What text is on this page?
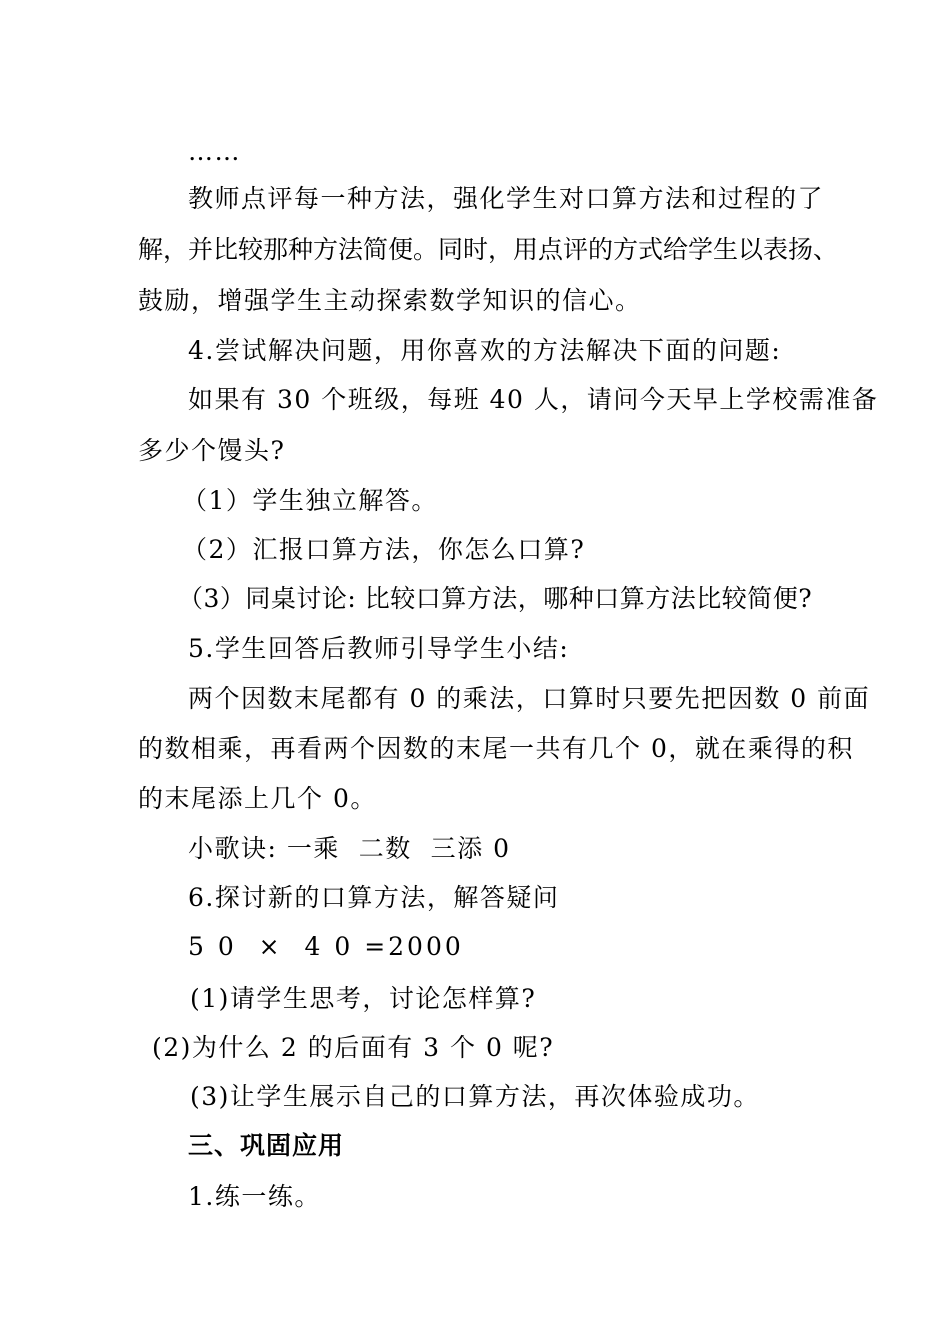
……
教师点评每一种方法，强化学生对口算方法和过程的了
解，并比较那种方法简便。同时，用点评的方式给学生以表扬、
鼓励，增强学生主动探索数学知识的信心。
4.尝试解决问题，用你喜欢的方法解决下面的问题:
如果有 30 个班级，每班 40 人，请问今天早上学校需准备
多少个馒头?
（1）学生独立解答。
（2）汇报口算方法，你怎么口算?
（3）同桌讨论: 比较口算方法，哪种口算方法比较简便?
5.学生回答后教师引导学生小结:
两个因数末尾都有 0 的乘法，口算时只要先把因数 0 前面
的数相乘，再看两个因数的末尾一共有几个 0，就在乘得的积
的末尾添上几个 0。
小歌诀: 一乘  二数  三添 0
6.探讨新的口算方法，解答疑问
5 0  ×  4 0 =2000
(1)请学生思考，讨论怎样算?
(2)为什么 2 的后面有 3 个 0 呢?
(3)让学生展示自己的口算方法，再次体验成功。
三、巩固应用
1.练一练。
